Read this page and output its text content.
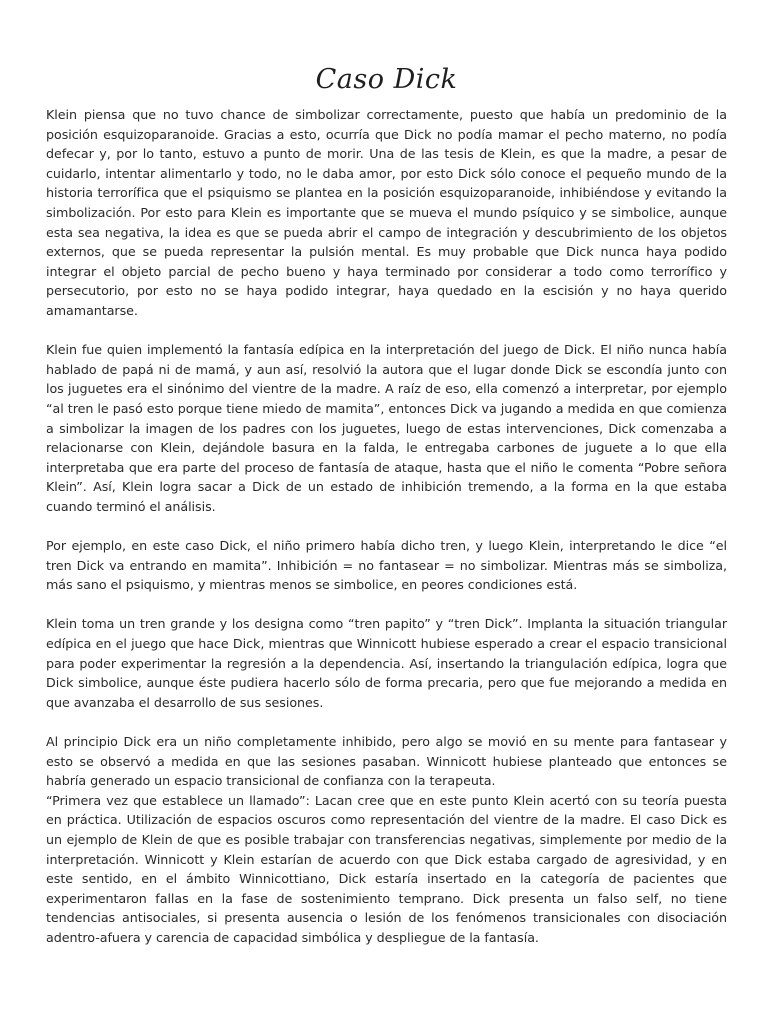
Caso Dick

Klein piensa que no tuvo chance de simbolizar correctamente, puesto que había un predominio de la posición esquizoparanoide. Gracias a esto, ocurría que Dick no podía mamar el pecho materno, no podía defecar y, por lo tanto, estuvo a punto de morir. Una de las tesis de Klein, es que la madre, a pesar de cuidarlo, intentar alimentarlo y todo, no le daba amor, por esto Dick sólo conoce el pequeño mundo de la historia terrorífica que el psiquismo se plantea en la posición esquizoparanoide, inhibiéndose y evitando la simbolización. Por esto para Klein es importante que se mueva el mundo psíquico y se simbolice, aunque esta sea negativa, la idea es que se pueda abrir el campo de integración y descubrimiento de los objetos externos, que se pueda representar la pulsión mental. Es muy probable que Dick nunca haya podido integrar el objeto parcial de pecho bueno y haya terminado por considerar a todo como terrorífico y persecutorio, por esto no se haya podido integrar, haya quedado en la escisión y no haya querido amamantarse.

Klein fue quien implementó la fantasía edípica en la interpretación del juego de Dick. El niño nunca había hablado de papá ni de mamá, y aun así, resolvió la autora que el lugar donde Dick se escondía junto con los juguetes era el sinónimo del vientre de la madre. A raíz de eso, ella comenzó a interpretar, por ejemplo “al tren le pasó esto porque tiene miedo de mamita”, entonces Dick va jugando a medida en que comienza a simbolizar la imagen de los padres con los juguetes, luego de estas intervenciones, Dick comenzaba a relacionarse con Klein, dejándole basura en la falda, le entregaba carbones de juguete a lo que ella interpretaba que era parte del proceso de fantasía de ataque, hasta que el niño le comenta “Pobre señora Klein”. Así, Klein logra sacar a Dick de un estado de inhibición tremendo, a la forma en la que estaba cuando terminó el análisis.

Por ejemplo, en este caso Dick, el niño primero había dicho tren, y luego Klein, interpretando le dice “el tren Dick va entrando en mamita”. Inhibición = no fantasear = no simbolizar. Mientras más se simboliza, más sano el psiquismo, y mientras menos se simbolice, en peores condiciones está.

Klein toma un tren grande y los designa como “tren papito” y “tren Dick”. Implanta la situación triangular edípica en el juego que hace Dick, mientras que Winnicott hubiese esperado a crear el espacio transicional para poder experimentar la regresión a la dependencia. Así, insertando la triangulación edípica, logra que Dick simbolice, aunque éste pudiera hacerlo sólo de forma precaria, pero que fue mejorando a medida en que avanzaba el desarrollo de sus sesiones.

Al principio Dick era un niño completamente inhibido, pero algo se movió en su mente para fantasear y esto se observó a medida en que las sesiones pasaban. Winnicott hubiese planteado que entonces se habría generado un espacio transicional de confianza con la terapeuta.

“Primera vez que establece un llamado”: Lacan cree que en este punto Klein acertó con su teoría puesta en práctica. Utilización de espacios oscuros como representación del vientre de la madre. El caso Dick es un ejemplo de Klein de que es posible trabajar con transferencias negativas, simplemente por medio de la interpretación. Winnicott y Klein estarían de acuerdo con que Dick estaba cargado de agresividad, y en este sentido, en el ámbito Winnicottiano, Dick estaría insertado en la categoría de pacientes que experimentaron fallas en la fase de sostenimiento temprano. Dick presenta un falso self, no tiene tendencias antisociales, si presenta ausencia o lesión de los fenómenos transicionales con disociación adentro-afuera y carencia de capacidad simbólica y despliegue de la fantasía.
